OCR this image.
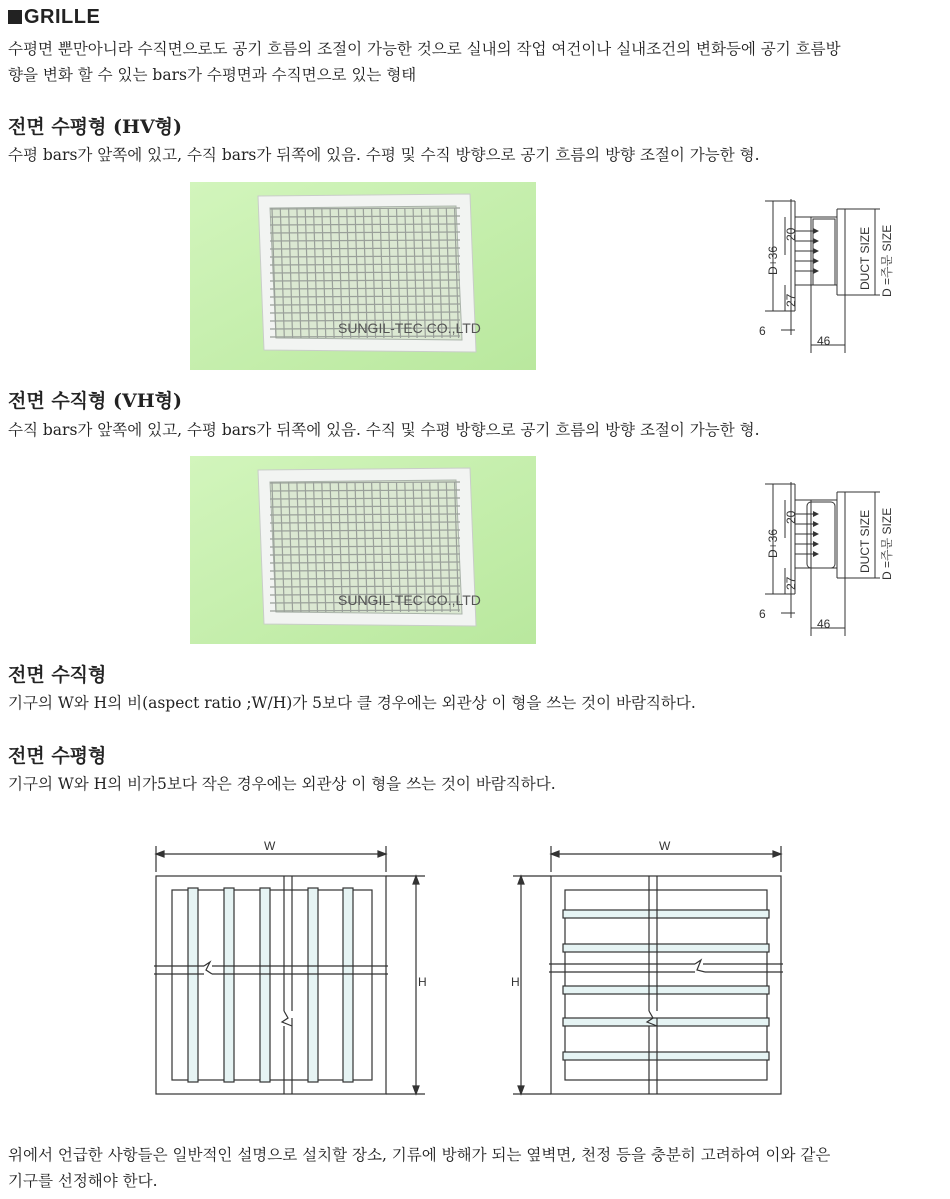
GRILLE
수평면 뿐만아니라 수직면으로도 공기 흐름의 조절이 가능한 것으로 실내의 작업 여건이나 실내조건의 변화등에 공기 흐름방
향을 변화 할 수 있는 bars가 수평면과 수직면으로 있는 형태
전면 수평형 (HV형)
수평 bars가 앞쪽에 있고, 수직 bars가 뒤쪽에 있음. 수평 및 수직 방향으로 공기 흐름의 방향 조절이 가능한 형.
SUNGIL-TEC CO.,LTD
D+36
20
27
6
46
DUCT SIZE D =주문 SIZE
전면 수직형 (VH형)
수직 bars가 앞쪽에 있고, 수평 bars가 뒤쪽에 있음. 수직 및 수평 방향으로 공기 흐름의 방향 조절이 가능한 형.
SUNGIL-TEC CO.,LTD
D+36
20
27
6
46
DUCT SIZE D =주문 SIZE
전면 수직형
기구의 W와 H의 비(aspect ratio ;W/H)가 5보다 클 경우에는 외관상 이 형을 쓰는 것이 바람직하다.
전면 수평형
기구의 W와 H의 비가5보다 작은 경우에는 외관상 이 형을 쓰는 것이 바람직하다.
W
H
W
H
위에서 언급한 사항들은 일반적인 설명으로 설치할 장소, 기류에 방해가 되는 옆벽면, 천정 등을 충분히 고려하여 이와 같은
기구를 선정해야 한다.
